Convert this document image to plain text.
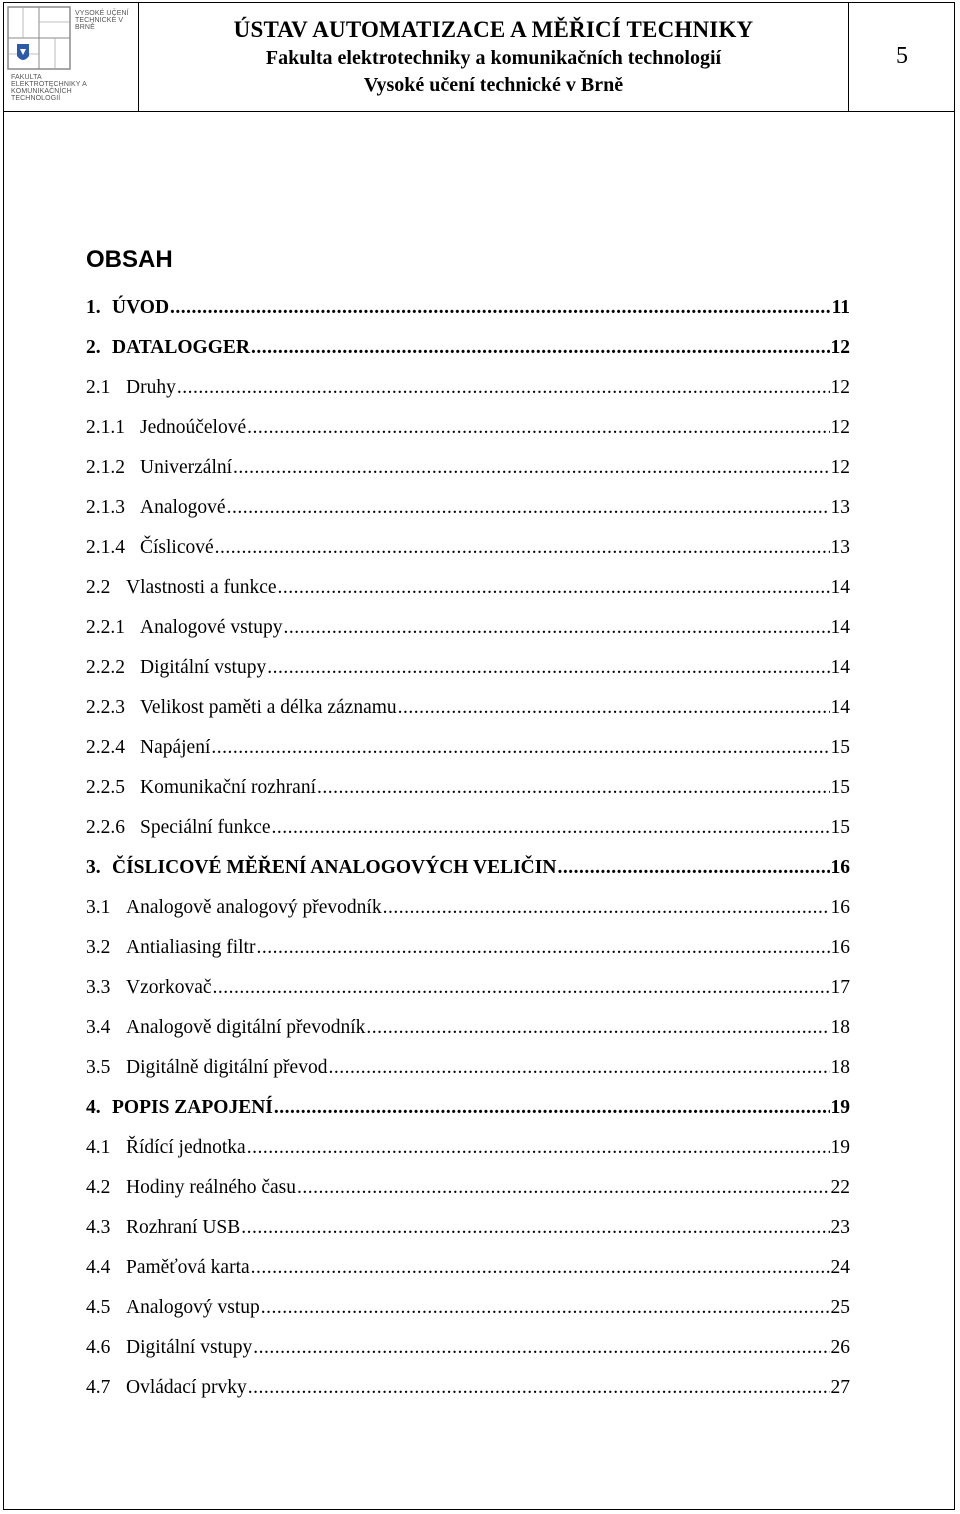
VYSOKÉ UČENÍ TECHNICKÉ V BRNĚ
FAKULTA ELEKTROTECHNIKY A KOMUNIKAČNÍCH TECHNOLOGIÍ
ÚSTAV AUTOMATIZACE A MĚŘICÍ TECHNIKY
Fakulta elektrotechniky a komunikačních technologií
Vysoké učení technické v Brně
5
OBSAH
1. ÚVOD .....	11
2. DATALOGGER .....	12
2.1 Druhy .....	12
2.1.1 Jednoúčelové .....	12
2.1.2 Univerzální .....	12
2.1.3 Analogové .....	13
2.1.4 Číslicové .....	13
2.2 Vlastnosti a funkce .....	14
2.2.1 Analogové vstupy .....	14
2.2.2 Digitální vstupy .....	14
2.2.3 Velikost paměti a délka záznamu .....	14
2.2.4 Napájení .....	15
2.2.5 Komunikační rozhraní .....	15
2.2.6 Speciální funkce .....	15
3. ČÍSLICOVÉ MĚŘENÍ ANALOGOVÝCH VELIČIN .....	16
3.1 Analogově analogový převodník .....	16
3.2 Antialiasing filtr .....	16
3.3 Vzorkovač .....	17
3.4 Analogově digitální převodník .....	18
3.5 Digitálně digitální převod .....	18
4. POPIS ZAPOJENÍ .....	19
4.1 Řídící jednotka .....	19
4.2 Hodiny reálného času .....	22
4.3 Rozhraní USB .....	23
4.4 Paměťová karta .....	24
4.5 Analogový vstup .....	25
4.6 Digitální vstupy .....	26
4.7 Ovládací prvky .....	27
